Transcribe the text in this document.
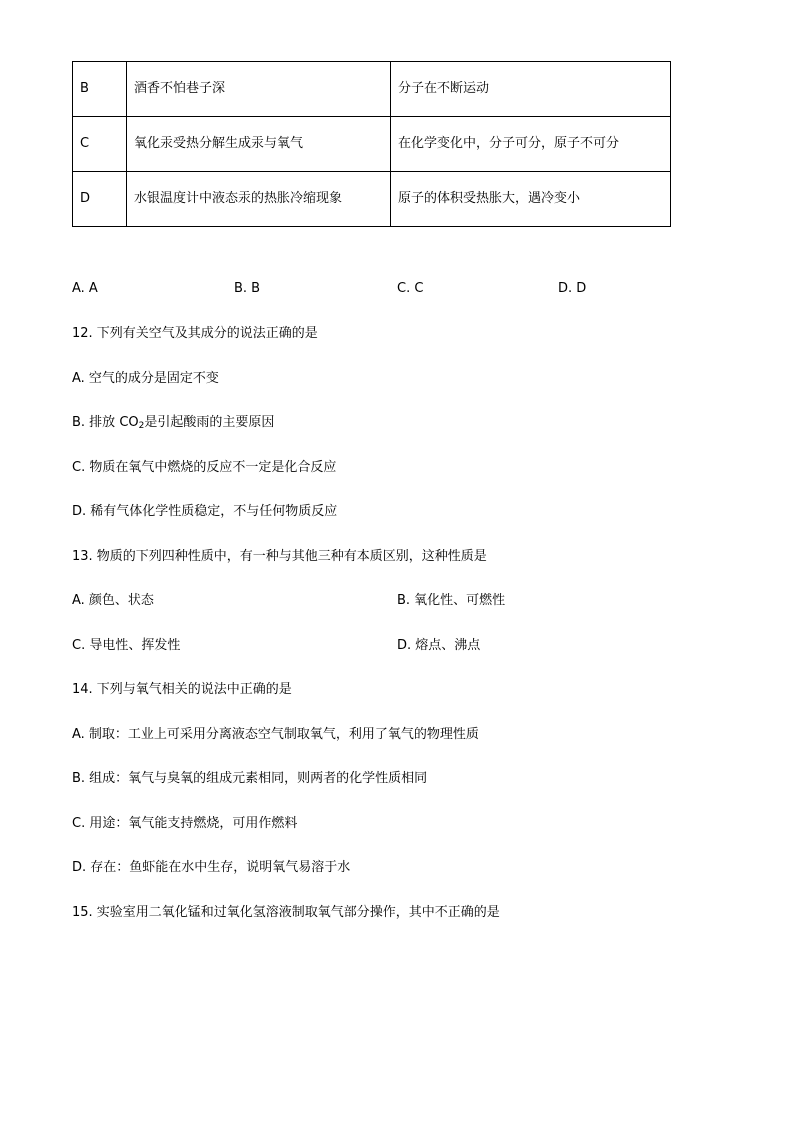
B	酒香不怕巷子深	分子在不断运动
C	氧化汞受热分解生成汞与氧气	在化学变化中，分子可分，原子不可分
D	水银温度计中液态汞的热胀冷缩现象	原子的体积受热胀大，遇冷变小
A. A	B. B	C. C	D. D
12. 下列有关空气及其成分的说法正确的是
A. 空气的成分是固定不变
B. 排放 $CO_2$是引起酸雨的主要原因
C. 物质在氧气中燃烧的反应不一定是化合反应
D. 稀有气体化学性质稳定，不与任何物质反应
13. 物质的下列四种性质中，有一种与其他三种有本质区别，这种性质是
A. 颜色、状态	B. 氧化性、可燃性
C. 导电性、挥发性	D. 熔点、沸点
14. 下列与氧气相关的说法中正确的是
A. 制取：工业上可采用分离液态空气制取氧气，利用了氧气的物理性质
B. 组成：氧气与臭氧的组成元素相同，则两者的化学性质相同
C. 用途：氧气能支持燃烧，可用作燃料
D. 存在：鱼虾能在水中生存，说明氧气易溶于水
15. 实验室用二氧化锰和过氧化氢溶液制取氧气部分操作，其中不正确的是
